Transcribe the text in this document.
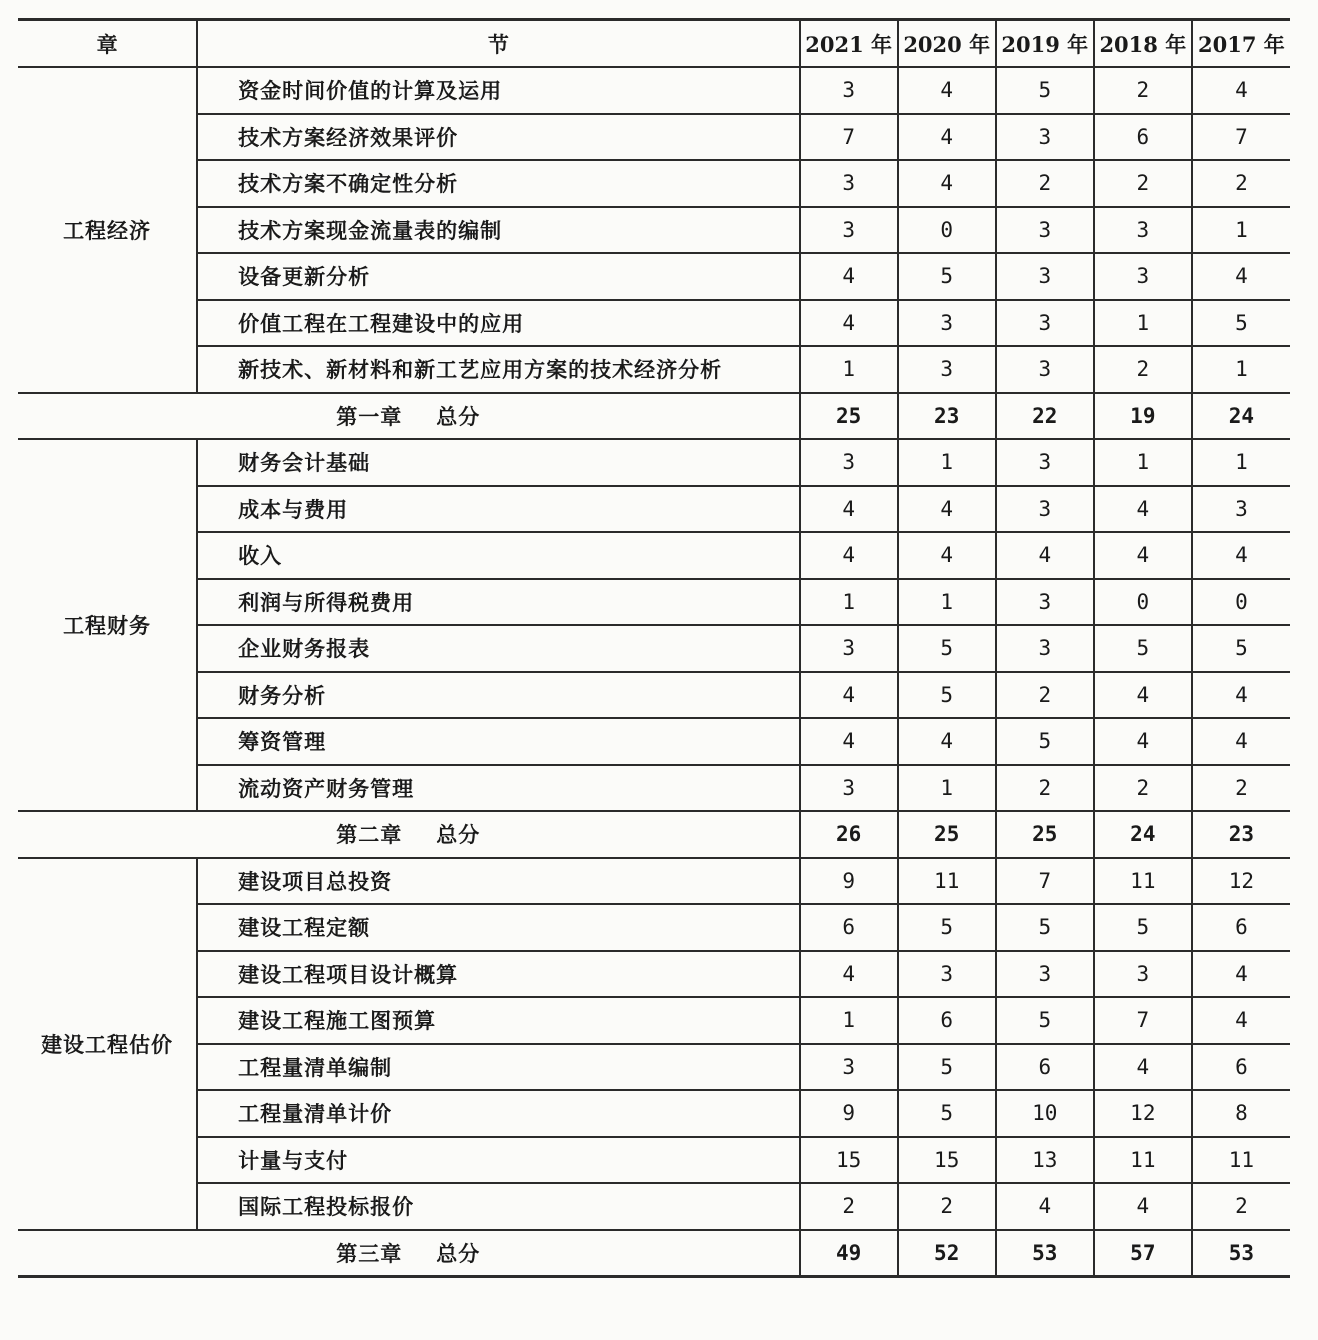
章	节	2021 年	2020 年	2019 年	2018 年	2017 年
工程经济	资金时间价值的计算及运用	3	4	5	2	4
	技术方案经济效果评价	7	4	3	6	7
	技术方案不确定性分析	3	4	2	2	2
	技术方案现金流量表的编制	3	0	3	3	1
	设备更新分析	4	5	3	3	4
	价值工程在工程建设中的应用	4	3	3	1	5
	新技术、新材料和新工艺应用方案的技术经济分析	1	3	3	2	1
第一章 总分		25	23	22	19	24
工程财务	财务会计基础	3	1	3	1	1
	成本与费用	4	4	3	4	3
	收入	4	4	4	4	4
	利润与所得税费用	1	1	3	0	0
	企业财务报表	3	5	3	5	5
	财务分析	4	5	2	4	4
	筹资管理	4	4	5	4	4
	流动资产财务管理	3	1	2	2	2
第二章 总分		26	25	25	24	23
建设工程估价	建设项目总投资	9	11	7	11	12
	建设工程定额	6	5	5	5	6
	建设工程项目设计概算	4	3	3	3	4
	建设工程施工图预算	1	6	5	7	4
	工程量清单编制	3	5	6	4	6
	工程量清单计价	9	5	10	12	8
	计量与支付	15	15	13	11	11
	国际工程投标报价	2	2	4	4	2
第三章 总分		49	52	53	57	53
